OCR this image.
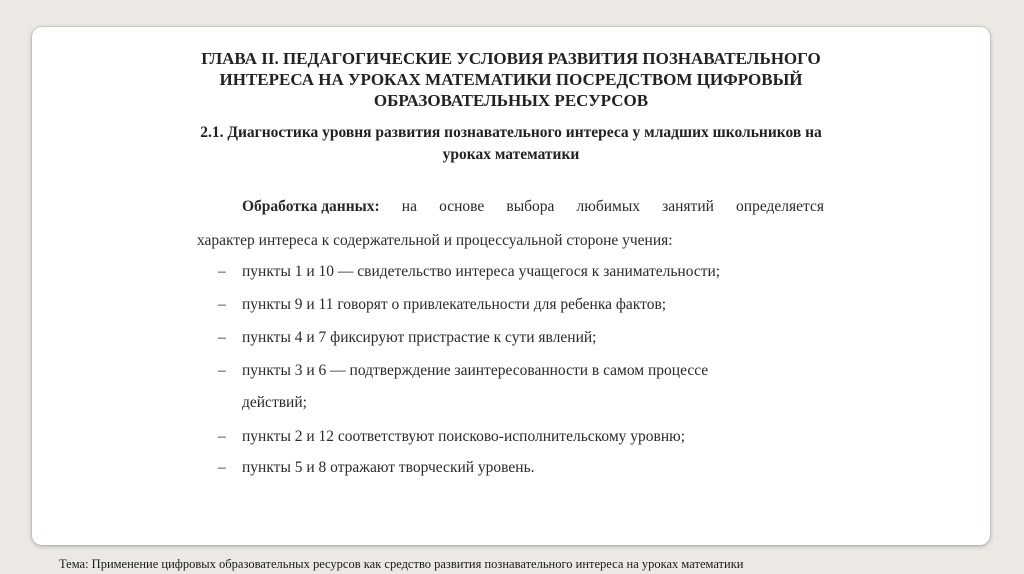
ГЛАВА II. ПЕДАГОГИЧЕСКИЕ УСЛОВИЯ РАЗВИТИЯ ПОЗНАВАТЕЛЬНОГО
ИНТЕРЕСА НА УРОКАХ МАТЕМАТИКИ ПОСРЕДСТВОМ ЦИФРОВЫЙ
ОБРАЗОВАТЕЛЬНЫХ РЕСУРСОВ
2.1. Диагностика уровня развития познавательного интереса у младших школьников на
уроках математики
Обработка данных: на основе выбора любимых занятий определяется
характер интереса к содержательной и процессуальной стороне учения:
– пункты 1 и 10 — свидетельство интереса учащегося к занимательности;
– пункты 9 и 11 говорят о привлекательности для ребенка фактов;
– пункты 4 и 7 фиксируют пристрастие к сути явлений;
– пункты 3 и 6 — подтверждение заинтересованности в самом процессе
действий;
– пункты 2 и 12 соответствуют поисково-исполнительскому уровню;
– пункты 5 и 8 отражают творческий уровень.
Тема: Применение цифровых образовательных ресурсов как средство развития познавательного интереса на уроках математики
